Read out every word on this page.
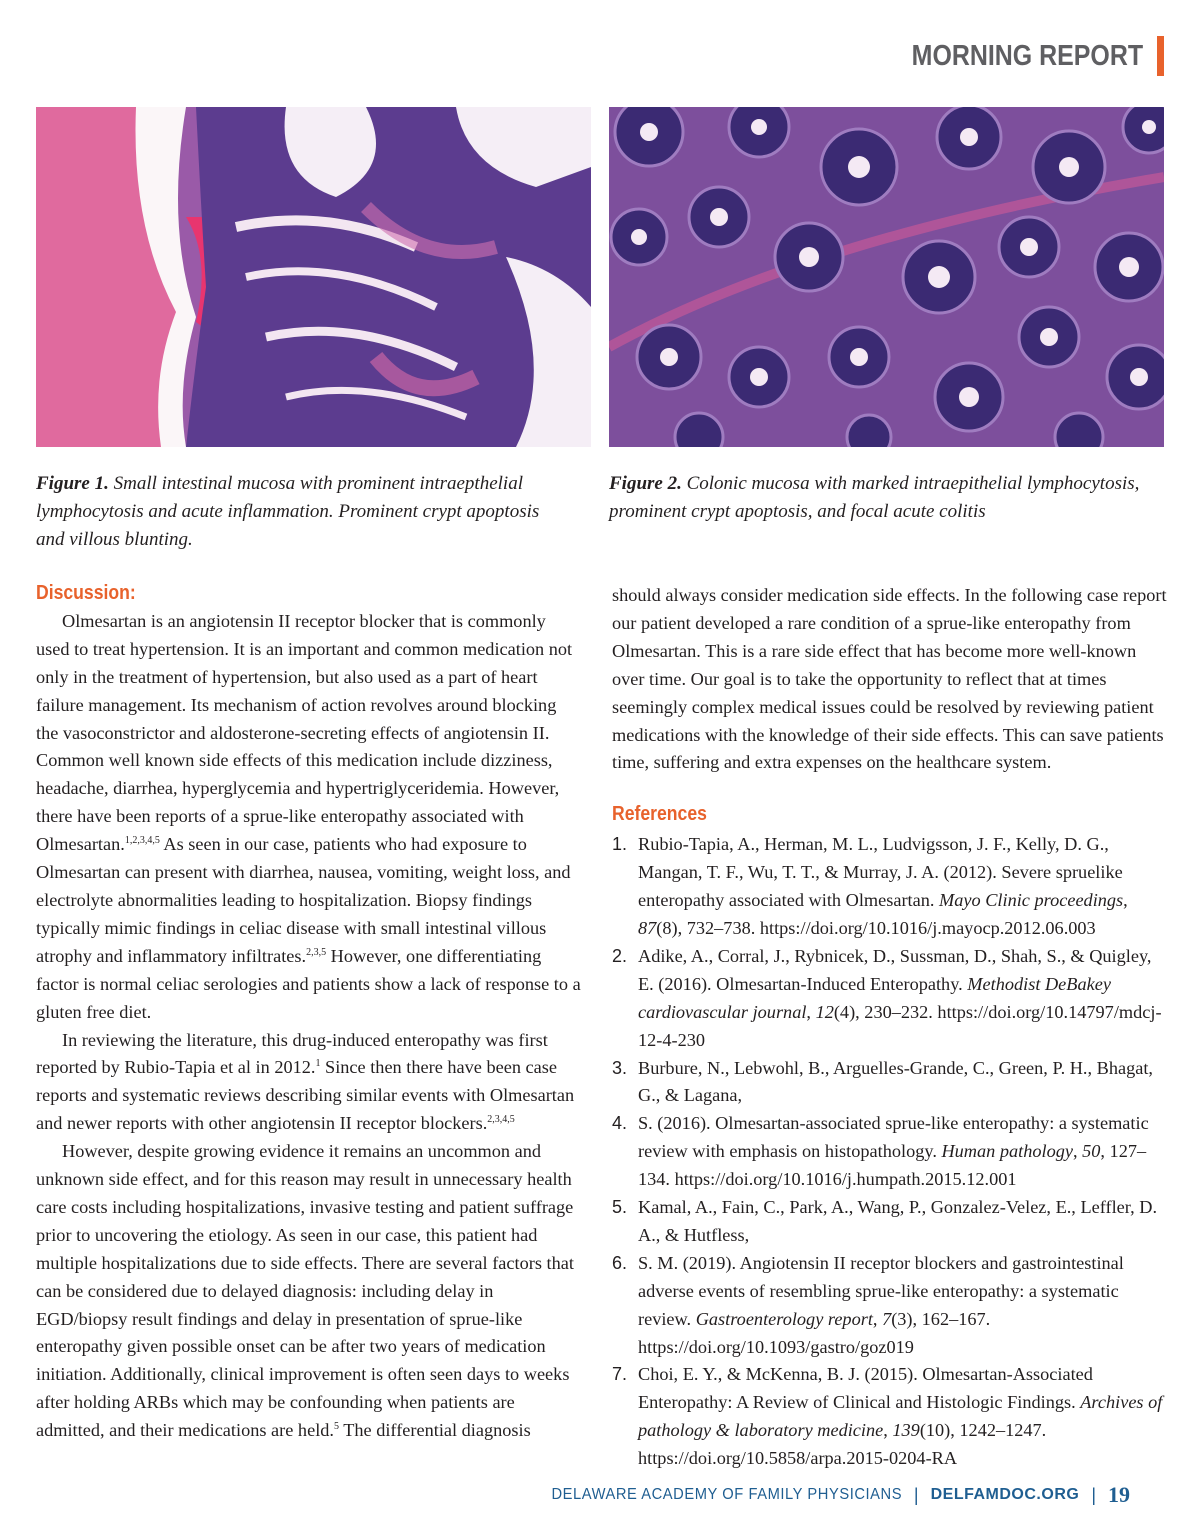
MORNING REPORT
Figure 1. Small intestinal mucosa with prominent intraepthelial lymphocytosis and acute inflammation. Prominent crypt apoptosis and villous blunting.
Figure 2. Colonic mucosa with marked intraepithelial lymphocytosis, prominent crypt apoptosis, and focal acute colitis
Discussion:

Olmesartan is an angiotensin II receptor blocker that is commonly used to treat hypertension. It is an important and common medication not only in the treatment of hypertension, but also used as a part of heart failure management. Its mechanism of action revolves around blocking the vasoconstrictor and aldosterone-secreting effects of angiotensin II. Common well known side effects of this medication include dizziness, headache, diarrhea, hyperglycemia and hypertriglyceridemia. However, there have been reports of a sprue-like enteropathy associated with Olmesartan.$^{1,2,3,4,5}$ As seen in our case, patients who had exposure to Olmesartan can present with diarrhea, nausea, vomiting, weight loss, and electrolyte abnormalities leading to hospitalization. Biopsy findings typically mimic findings in celiac disease with small intestinal villous atrophy and inflammatory infiltrates.$^{2,3,5}$ However, one differentiating factor is normal celiac serologies and patients show a lack of response to a gluten free diet.

In reviewing the literature, this drug-induced enteropathy was first reported by Rubio-Tapia et al in 2012.$^1$ Since then there have been case reports and systematic reviews describing similar events with Olmesartan and newer reports with other angiotensin II receptor blockers.$^{2,3,4,5}$

However, despite growing evidence it remains an uncommon and unknown side effect, and for this reason may result in unnecessary health care costs including hospitalizations, invasive testing and patient suffrage prior to uncovering the etiology. As seen in our case, this patient had multiple hospitalizations due to side effects. There are several factors that can be considered due to delayed diagnosis: including delay in EGD/biopsy result findings and delay in presentation of sprue-like enteropathy given possible onset can be after two years of medication initiation. Additionally, clinical improvement is often seen days to weeks after holding ARBs which may be confounding when patients are admitted, and their medications are held.$^5$ The differential diagnosis

should always consider medication side effects. In the following case report our patient developed a rare condition of a sprue-like enteropathy from Olmesartan. This is a rare side effect that has become more well-known over time. Our goal is to take the opportunity to reflect that at times seemingly complex medical issues could be resolved by reviewing patient medications with the knowledge of their side effects. This can save patients time, suffering and extra expenses on the healthcare system.

References
1. Rubio-Tapia, A., Herman, M. L., Ludvigsson, J. F., Kelly, D. G., Mangan, T. F., Wu, T. T., & Murray, J. A. (2012). Severe spruelike enteropathy associated with Olmesartan. Mayo Clinic proceedings, 87(8), 732–738. https://doi.org/10.1016/j.mayocp.2012.06.003
2. Adike, A., Corral, J., Rybnicek, D., Sussman, D., Shah, S., & Quigley, E. (2016). Olmesartan-Induced Enteropathy. Methodist DeBakey cardiovascular journal, 12(4), 230–232. https://doi.org/10.14797/mdcj-12-4-230
3. Burbure, N., Lebwohl, B., Arguelles-Grande, C., Green, P. H., Bhagat, G., & Lagana,
4. S. (2016). Olmesartan-associated sprue-like enteropathy: a systematic review with emphasis on histopathology. Human pathology, 50, 127–134. https://doi.org/10.1016/j.humpath.2015.12.001
5. Kamal, A., Fain, C., Park, A., Wang, P., Gonzalez-Velez, E., Leffler, D. A., & Hutfless,
6. S. M. (2019). Angiotensin II receptor blockers and gastrointestinal adverse events of resembling sprue-like enteropathy: a systematic review. Gastroenterology report, 7(3), 162–167. https://doi.org/10.1093/gastro/goz019
7. Choi, E. Y., & McKenna, B. J. (2015). Olmesartan-Associated Enteropathy: A Review of Clinical and Histologic Findings. Archives of pathology & laboratory medicine, 139(10), 1242–1247. https://doi.org/10.5858/arpa.2015-0204-RA
DELAWARE ACADEMY OF FAMILY PHYSICIANS | DELFAMDOC.ORG | 19
